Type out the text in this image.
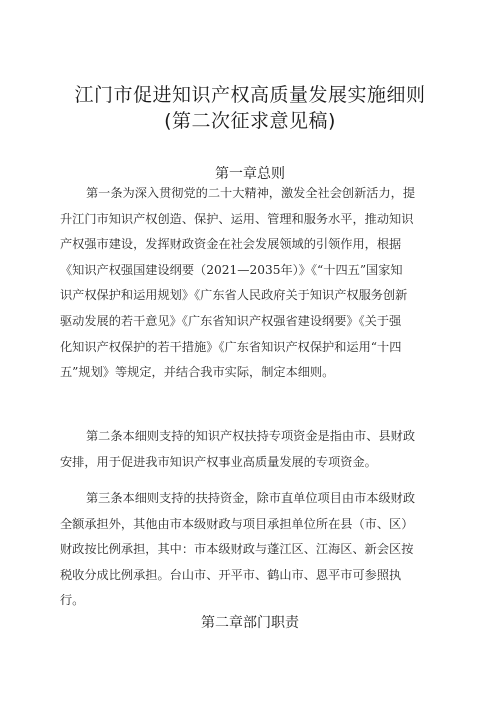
江门市促进知识产权高质量发展实施细则
(第二次征求意见稿)
第一章总则

第一条为深入贯彻党的二十大精神，激发全社会创新活力，提
升江门市知识产权创造、保护、运用、管理和服务水平，推动知识
产权强市建设，发挥财政资金在社会发展领域的引领作用，根据
《知识产权强国建设纲要（2021—2035年）》《“十四五”国家知
识产权保护和运用规划》《广东省人民政府关于知识产权服务创新
驱动发展的若干意见》《广东省知识产权强省建设纲要》《关于强
化知识产权保护的若干措施》《广东省知识产权保护和运用“十四
五”规划》等规定，并结合我市实际，制定本细则。

第二条本细则支持的知识产权扶持专项资金是指由市、县财政
安排，用于促进我市知识产权事业高质量发展的专项资金。

第三条本细则支持的扶持资金，除市直单位项目由市本级财政
全额承担外，其他由市本级财政与项目承担单位所在县（市、区）
财政按比例承担，其中：市本级财政与蓬江区、江海区、新会区按
税收分成比例承担。台山市、开平市、鹤山市、恩平市可参照执
行。

第二章部门职责
